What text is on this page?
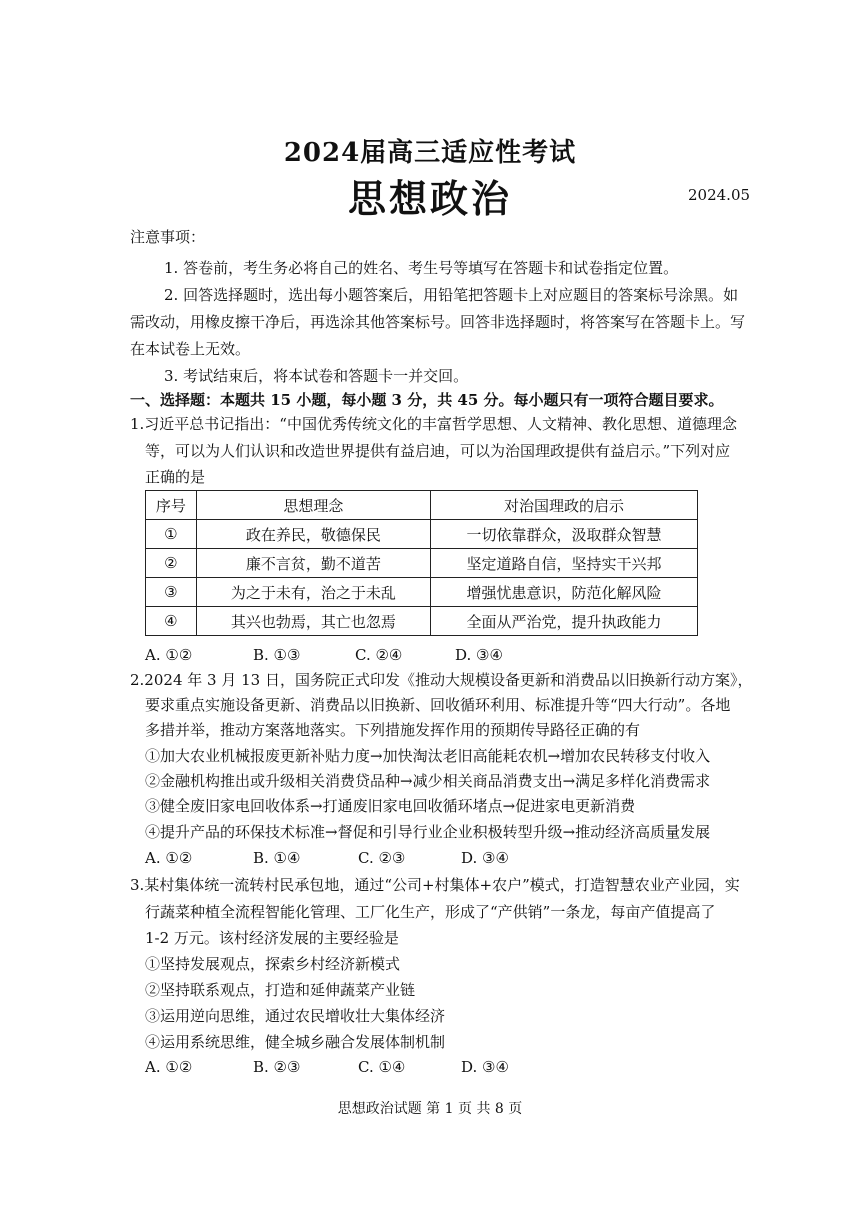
2024届高三适应性考试
思想政治	2024.05
注意事项：
1. 答卷前，考生务必将自己的姓名、考生号等填写在答题卡和试卷指定位置。
2. 回答选择题时，选出每小题答案后，用铅笔把答题卡上对应题目的答案标号涂黑。如
需改动，用橡皮擦干净后，再选涂其他答案标号。回答非选择题时，将答案写在答题卡上。写
在本试卷上无效。
3. 考试结束后，将本试卷和答题卡一并交回。
一、选择题：本题共 15 小题，每小题 3 分，共 45 分。每小题只有一项符合题目要求。
1.习近平总书记指出：“中国优秀传统文化的丰富哲学思想、人文精神、教化思想、道德理念
等，可以为人们认识和改造世界提供有益启迪，可以为治国理政提供有益启示。”下列对应
正确的是
序号	思想理念	对治国理政的启示
①	政在养民，敬德保民	一切依靠群众，汲取群众智慧
②	廉不言贫，勤不道苦	坚定道路自信，坚持实干兴邦
③	为之于未有，治之于未乱	增强忧患意识，防范化解风险
④	其兴也勃焉，其亡也忽焉	全面从严治党，提升执政能力
A. ①②	B. ①③	C. ②④	D. ③④
2.2024 年 3 月 13 日，国务院正式印发《推动大规模设备更新和消费品以旧换新行动方案》，
要求重点实施设备更新、消费品以旧换新、回收循环利用、标准提升等“四大行动”。各地
多措并举，推动方案落地落实。下列措施发挥作用的预期传导路径正确的有
①加大农业机械报废更新补贴力度→加快淘汰老旧高能耗农机→增加农民转移支付收入
②金融机构推出或升级相关消费贷品种→减少相关商品消费支出→满足多样化消费需求
③健全废旧家电回收体系→打通废旧家电回收循环堵点→促进家电更新消费
④提升产品的环保技术标准→督促和引导行业企业积极转型升级→推动经济高质量发展
A. ①②	B. ①④	C. ②③	D. ③④
3.某村集体统一流转村民承包地，通过“公司+村集体+农户”模式，打造智慧农业产业园，实
行蔬菜种植全流程智能化管理、工厂化生产，形成了“产供销”一条龙，每亩产值提高了
1-2 万元。该村经济发展的主要经验是
①坚持发展观点，探索乡村经济新模式
②坚持联系观点，打造和延伸蔬菜产业链
③运用逆向思维，通过农民增收壮大集体经济
④运用系统思维，健全城乡融合发展体制机制
A. ①②	B. ②③	C. ①④	D. ③④
思想政治试题 第 1 页 共 8 页
